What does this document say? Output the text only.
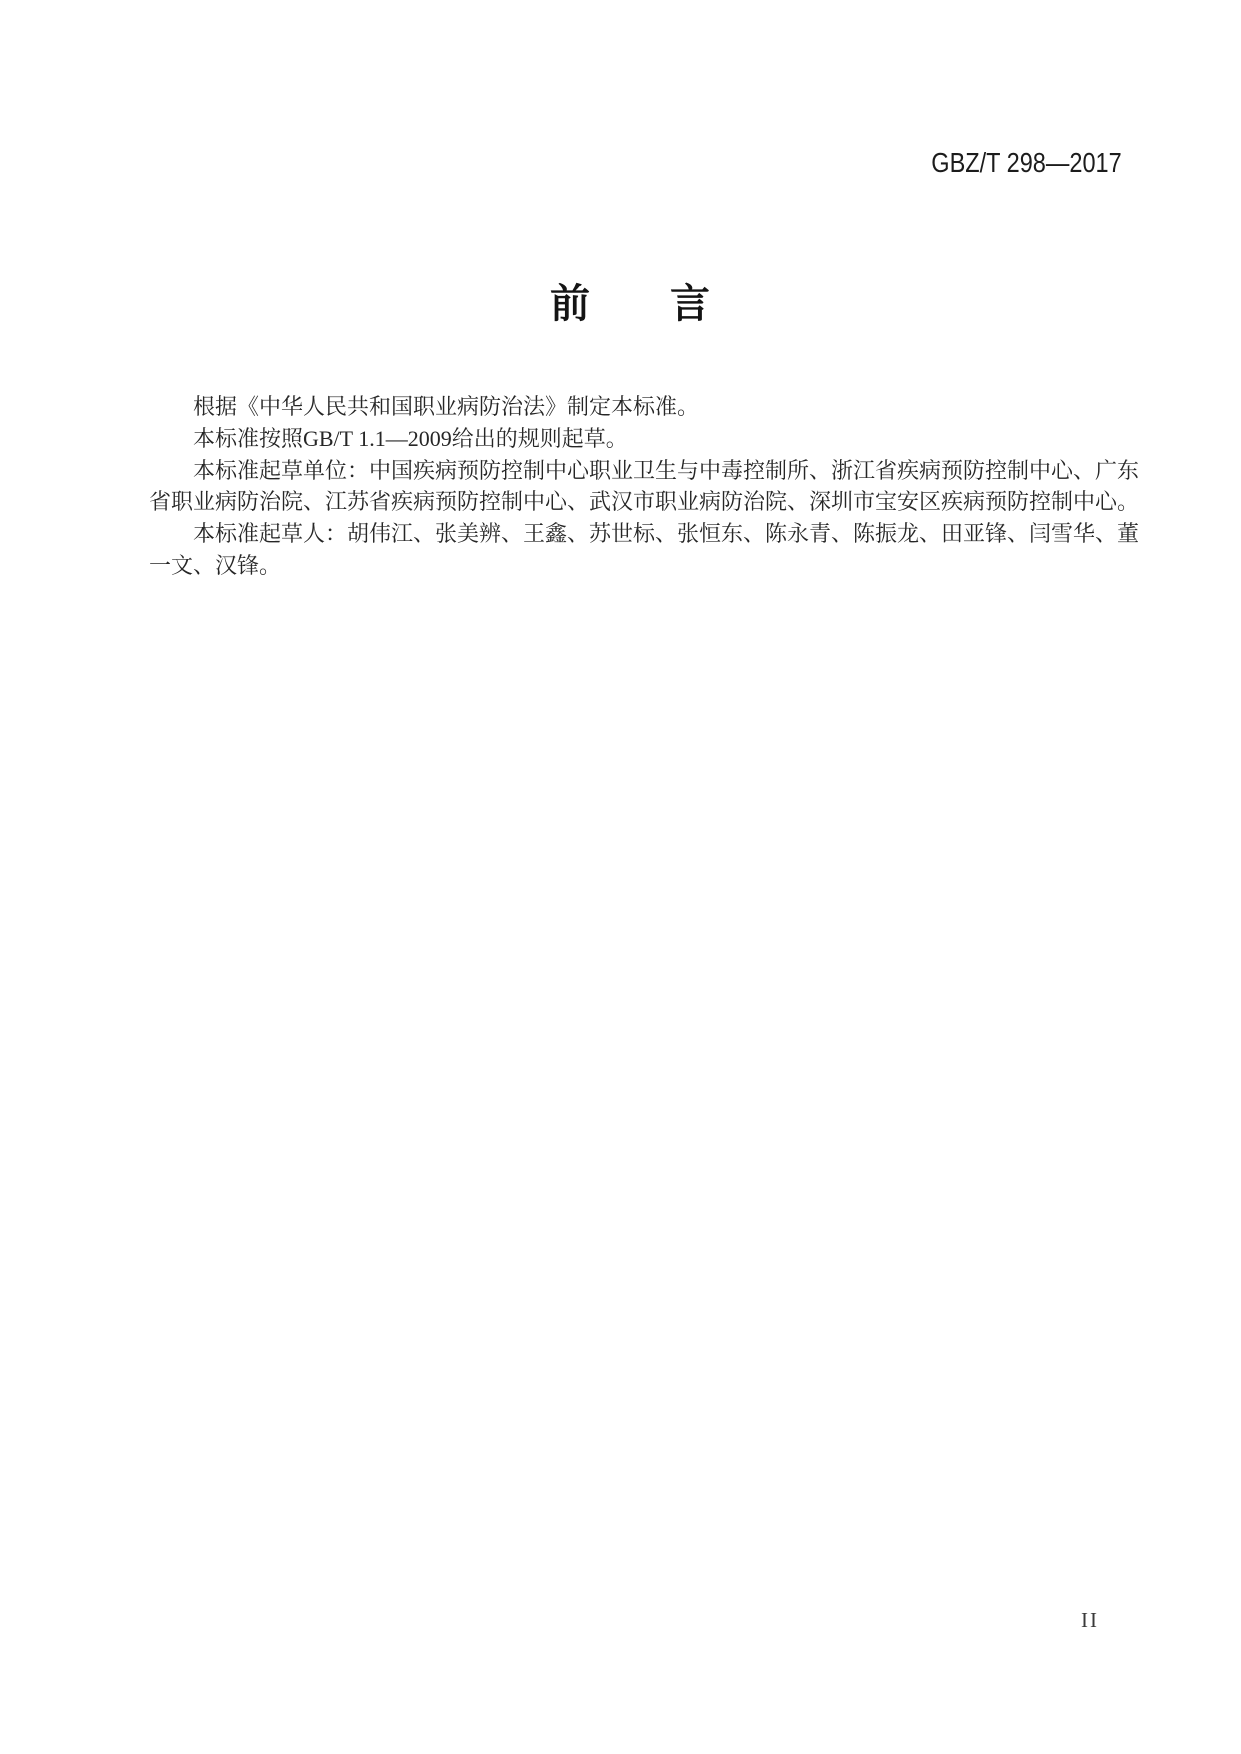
GBZ/T 298—2017
前　　言
根据《中华人民共和国职业病防治法》制定本标准。
本标准按照GB/T 1.1—2009给出的规则起草。
本标准起草单位：中国疾病预防控制中心职业卫生与中毒控制所、浙江省疾病预防控制中心、广东
省职业病防治院、江苏省疾病预防控制中心、武汉市职业病防治院、深圳市宝安区疾病预防控制中心。
本标准起草人：胡伟江、张美辨、王鑫、苏世标、张恒东、陈永青、陈振龙、田亚锋、闫雪华、董
一文、汉锋。
II
